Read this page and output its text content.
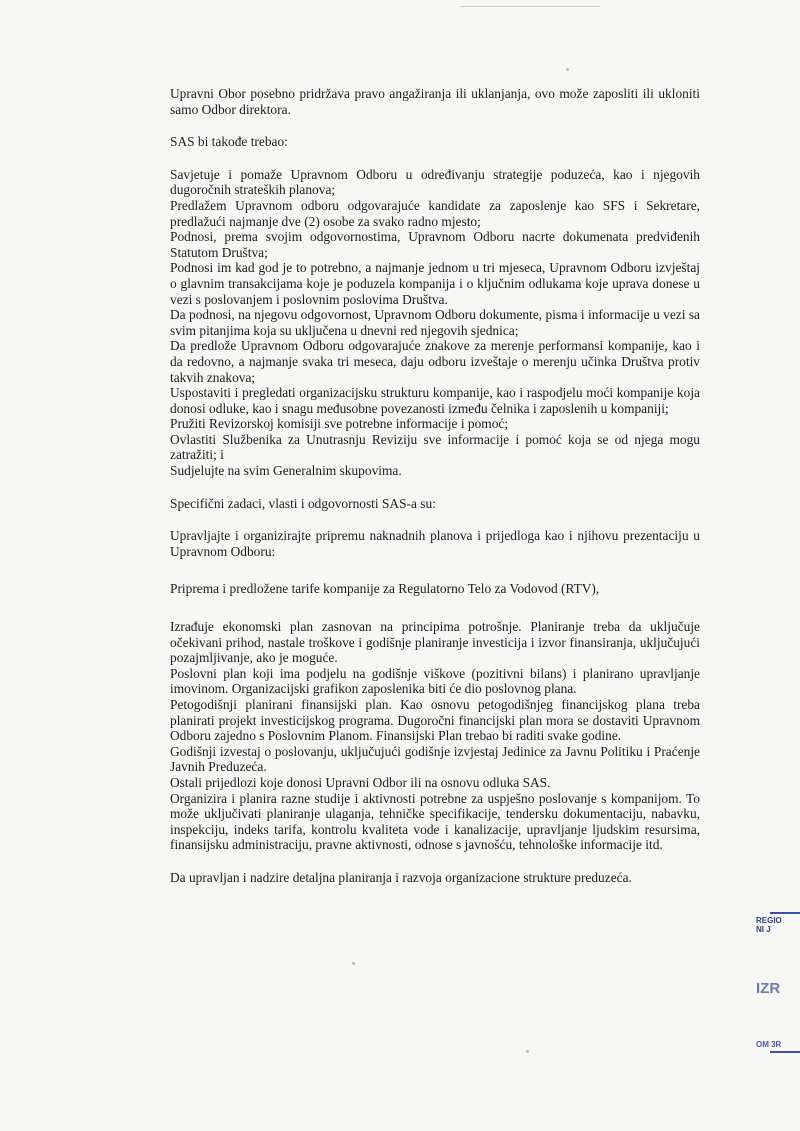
Upravni Obor posebno pridržava pravo angažiranja ili uklanjanja, ovo može zaposliti ili ukloniti samo Odbor direktora.

SAS bi takođe trebao:

Savjetuje i pomaže Upravnom Odboru u određivanju strategije poduzeća, kao i njegovih dugoročnih strateških planova;

Predlažem Upravnom odboru odgovarajuće kandidate za zaposlenje kao SFS i Sekretare, predlažući najmanje dve (2) osobe za svako radno mjesto;

Podnosi, prema svojim odgovornostima, Upravnom Odboru nacrte dokumenata predviđenih Statutom Društva;

Podnosi im kad god je to potrebno, a najmanje jednom u tri mjeseca, Upravnom Odboru izvještaj o glavnim transakcijama koje je poduzela kompanija i o ključnim odlukama koje uprava donese u vezi s poslovanjem i poslovnim poslovima Društva.

Da podnosi, na njegovu odgovornost, Upravnom Odboru dokumente, pisma i informacije u vezi sa svim pitanjima koja su uključena u dnevni red njegovih sjednica;

Da predlože Upravnom Odboru odgovarajuće znakove za merenje performansi kompanije, kao i da redovno, a najmanje svaka tri meseca, daju odboru izveštaje o merenju učinka Društva protiv takvih znakova;

Uspostaviti i pregledati organizacijsku strukturu kompanije, kao i raspodjelu moći kompanije koja donosi odluke, kao i snagu međusobne povezanosti između čelnika i zaposlenih u kompaniji;

Pružiti Revizorskoj komisiji sve potrebne informacije i pomoć;

Ovlastiti Službenika za Unutrasnju Reviziju sve informacije i pomoć koja se od njega mogu zatražiti; i

Sudjelujte na svim Generalnim skupovima.

Specifični zadaci, vlasti i odgovornosti SAS-a su:

Upravljajte i organizirajte pripremu naknadnih planova i prijedloga kao i njihovu prezentaciju u Upravnom Odboru:

Priprema i predložene tarife kompanije za Regulatorno Telo za Vodovod (RTV),

Izrađuje ekonomski plan zasnovan na principima potrošnje. Planiranje treba da uključuje očekivani prihod, nastale troškove i godišnje planiranje investicija i izvor finansiranja, uključujući pozajmljivanje, ako je moguće.

Poslovni plan koji ima podjelu na godišnje viškove (pozitivni bilans) i planirano upravljanje imovinom. Organizacijski grafikon zaposlenika biti će dio poslovnog plana.

Petogodišnji planirani finansijski plan. Kao osnovu petogodišnjeg financijskog plana treba planirati projekt investicijskog programa. Dugoročni financijski plan mora se dostaviti Upravnom Odboru zajedno s Poslovnim Planom. Finansijski Plan trebao bi raditi svake godine.

Godišnji izvestaj o poslovanju, uključujući godišnje izvjestaj Jedinice za Javnu Politiku i Praćenje Javnih Preduzeća.

Ostali prijedlozi koje donosi Upravni Odbor ili na osnovu odluka SAS.

Organizira i planira razne studije i aktivnosti potrebne za uspješno poslovanje s kompanijom. To može uključivati planiranje ulaganja, tehničke specifikacije, tendersku dokumentaciju, nabavku, inspekciju, indeks tarifa, kontrolu kvaliteta vode i kanalizacije, upravljanje ljudskim resursima, finansijsku administraciju, pravne aktivnosti, odnose s javnošću, tehnološke informacije itd.

Da upravljan i nadzire detaljna planiranja i razvoja organizacione strukture preduzeća.

REGIO
NI J
IZR
OM 3R
